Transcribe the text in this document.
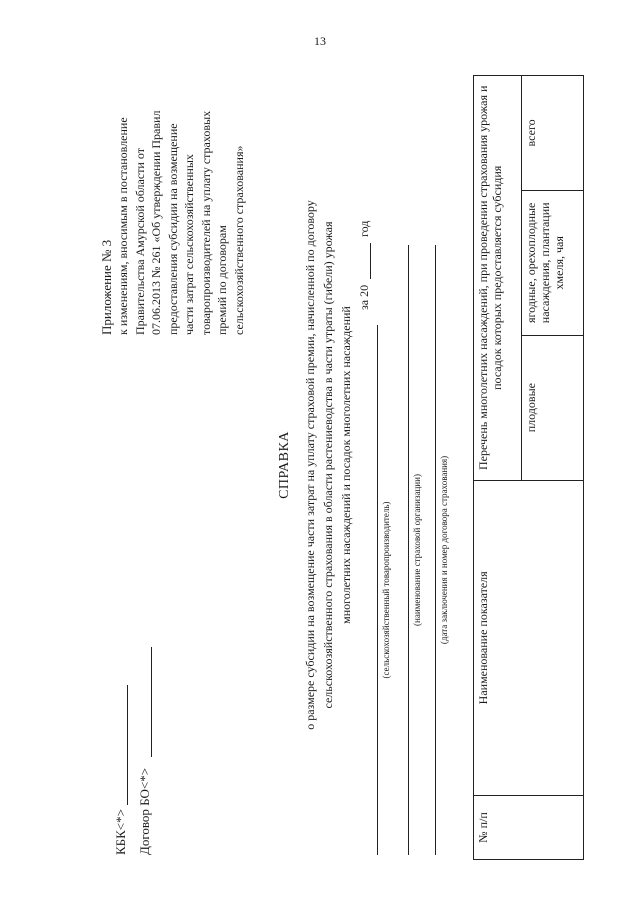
13
КБК<*> Договор БО<*>
Приложение № 3 к изменениям, вносимым в постановление Правительства Амурской области от 07.06.2013 № 261 «Об утверждении Правил предоставления субсидии на возмещение части затрат сельскохозяйственных товаропроизводителей на уплату страховых премий по договорам сельскохозяйственного страхования»
СПРАВКА о размере субсидии на возмещение части затрат на уплату страховой премии, начисленной по договору сельскохозяйственного страхования в области растениеводства в части утраты (гибели) урожая многолетних насаждений и посадок многолетних насаждений
за 20
год
(сельскохозяйственный товаропроизводитель) (наименование страховой организации) (дата заключения и номер договора страхования)
№ п/п	Наименование показателя	Перечень многолетних насаждений, при проведении страхования урожая и посадок которых предоставляется субсидия		
		плодовые	ягодные, орехоплодные насаждения, плантации хмеля, чая	всего
